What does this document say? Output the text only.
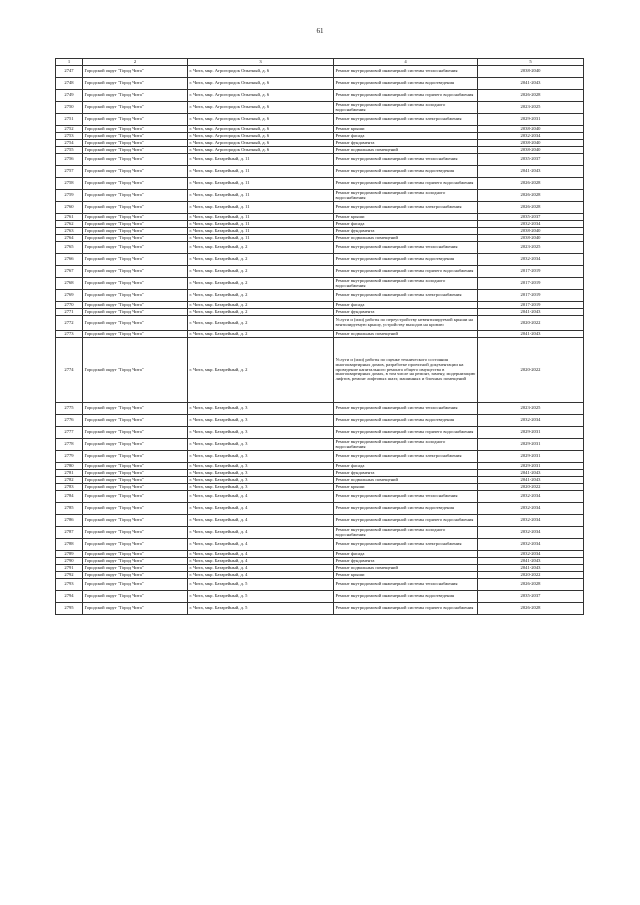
61
1	2	3	4	5
2747	Городской округ "Город Чита"	г. Чита, мкр. Агрогородок Опытный, д. 6	Ремонт внутридомовой инженерной системы теплоснабжения	2038-2040
2748	Городской округ "Город Чита"	г. Чита, мкр. Агрогородок Опытный, д. 6	Ремонт внутридомовой инженерной системы водоотведения	2041-2043
2749	Городской округ "Город Чита"	г. Чита, мкр. Агрогородок Опытный, д. 6	Ремонт внутридомовой инженерной системы горячего водоснабжения	2026-2028
2750	Городской округ "Город Чита"	г. Чита, мкр. Агрогородок Опытный, д. 6	Ремонт внутридомовой инженерной системы холодного водоснабжения	2023-2025
2751	Городской округ "Город Чита"	г. Чита, мкр. Агрогородок Опытный, д. 6	Ремонт внутридомовой инженерной системы электроснабжения	2029-2031
2752	Городской округ "Город Чита"	г. Чита, мкр. Агрогородок Опытный, д. 6	Ремонт крыши	2038-2040
2753	Городской округ "Город Чита"	г. Чита, мкр. Агрогородок Опытный, д. 6	Ремонт фасада	2032-2034
2754	Городской округ "Город Чита"	г. Чита, мкр. Агрогородок Опытный, д. 6	Ремонт фундамента	2038-2040
2755	Городской округ "Город Чита"	г. Чита, мкр. Агрогородок Опытный, д. 6	Ремонт подвальных помещений	2038-2040
2756	Городской округ "Город Чита"	г. Чита, мкр. Батарейный, д. 11	Ремонт внутридомовой инженерной системы теплоснабжения	2035-2037
2757	Городской округ "Город Чита"	г. Чита, мкр. Батарейный, д. 11	Ремонт внутридомовой инженерной системы водоотведения	2041-2043
2758	Городской округ "Город Чита"	г. Чита, мкр. Батарейный, д. 11	Ремонт внутридомовой инженерной системы горячего водоснабжения	2026-2028
2759	Городской округ "Город Чита"	г. Чита, мкр. Батарейный, д. 11	Ремонт внутридомовой инженерной системы холодного водоснабжения	2026-2028
2760	Городской округ "Город Чита"	г. Чита, мкр. Батарейный, д. 11	Ремонт внутридомовой инженерной системы электроснабжения	2026-2028
2761	Городской округ "Город Чита"	г. Чита, мкр. Батарейный, д. 11	Ремонт крыши	2035-2037
2762	Городской округ "Город Чита"	г. Чита, мкр. Батарейный, д. 11	Ремонт фасада	2032-2034
2763	Городской округ "Город Чита"	г. Чита, мкр. Батарейный, д. 11	Ремонт фундамента	2038-2040
2764	Городской округ "Город Чита"	г. Чита, мкр. Батарейный, д. 11	Ремонт подвальных помещений	2038-2040
2765	Городской округ "Город Чита"	г. Чита, мкр. Батарейный, д. 2	Ремонт внутридомовой инженерной системы теплоснабжения	2023-2025
2766	Городской округ "Город Чита"	г. Чита, мкр. Батарейный, д. 2	Ремонт внутридомовой инженерной системы водоотведения	2032-2034
2767	Городской округ "Город Чита"	г. Чита, мкр. Батарейный, д. 2	Ремонт внутридомовой инженерной системы горячего водоснабжения	2017-2019
2768	Городской округ "Город Чита"	г. Чита, мкр. Батарейный, д. 2	Ремонт внутридомовой инженерной системы холодного водоснабжения	2017-2019
2769	Городской округ "Город Чита"	г. Чита, мкр. Батарейный, д. 2	Ремонт внутридомовой инженерной системы электроснабжения	2017-2019
2770	Городской округ "Город Чита"	г. Чита, мкр. Батарейный, д. 2	Ремонт фасада	2017-2019
2771	Городской округ "Город Чита"	г. Чита, мкр. Батарейный, д. 2	Ремонт фундамента	2041-2043
2772	Городской округ "Город Чита"	г. Чита, мкр. Батарейный, д. 2	Услуги и (или) работы по переустройству невентилируемой крыши на вентилируемую крышу, устройству выходов на кровлю	2020-2022
2773	Городской округ "Город Чита"	г. Чита, мкр. Батарейный, д. 2	Ремонт подвальных помещений	2041-2043
2774	Городской округ "Город Чита"	г. Чита, мкр. Батарейный, д. 2	Услуги и (или) работы по оценке технического состояния многоквартирных домов, разработке проектной документации на проведение капитального ремонта общего имущества в многоквартирных домах, в том числе на ремонт, замену, модернизацию лифтов, ремонт лифтовых шахт, машинных и блочных помещений	2020-2022
2775	Городской округ "Город Чита"	г. Чита, мкр. Батарейный, д. 3	Ремонт внутридомовой инженерной системы теплоснабжения	2023-2025
2776	Городской округ "Город Чита"	г. Чита, мкр. Батарейный, д. 3	Ремонт внутридомовой инженерной системы водоотведения	2032-2034
2777	Городской округ "Город Чита"	г. Чита, мкр. Батарейный, д. 3	Ремонт внутридомовой инженерной системы горячего водоснабжения	2029-2031
2778	Городской округ "Город Чита"	г. Чита, мкр. Батарейный, д. 3	Ремонт внутридомовой инженерной системы холодного водоснабжения	2029-2031
2779	Городской округ "Город Чита"	г. Чита, мкр. Батарейный, д. 3	Ремонт внутридомовой инженерной системы электроснабжения	2029-2031
2780	Городской округ "Город Чита"	г. Чита, мкр. Батарейный, д. 3	Ремонт фасада	2029-2031
2781	Городской округ "Город Чита"	г. Чита, мкр. Батарейный, д. 3	Ремонт фундамента	2041-2043
2782	Городской округ "Город Чита"	г. Чита, мкр. Батарейный, д. 3	Ремонт подвальных помещений	2041-2043
2783	Городской округ "Город Чита"	г. Чита, мкр. Батарейный, д. 3	Ремонт крыши	2020-2022
2784	Городской округ "Город Чита"	г. Чита, мкр. Батарейный, д. 4	Ремонт внутридомовой инженерной системы теплоснабжения	2032-2034
2785	Городской округ "Город Чита"	г. Чита, мкр. Батарейный, д. 4	Ремонт внутридомовой инженерной системы водоотведения	2032-2034
2786	Городской округ "Город Чита"	г. Чита, мкр. Батарейный, д. 4	Ремонт внутридомовой инженерной системы горячего водоснабжения	2032-2034
2787	Городской округ "Город Чита"	г. Чита, мкр. Батарейный, д. 4	Ремонт внутридомовой инженерной системы холодного водоснабжения	2032-2034
2788	Городской округ "Город Чита"	г. Чита, мкр. Батарейный, д. 4	Ремонт внутридомовой инженерной системы электроснабжения	2032-2034
2789	Городской округ "Город Чита"	г. Чита, мкр. Батарейный, д. 4	Ремонт фасада	2032-2034
2790	Городской округ "Город Чита"	г. Чита, мкр. Батарейный, д. 4	Ремонт фундамента	2041-2043
2791	Городской округ "Город Чита"	г. Чита, мкр. Батарейный, д. 4	Ремонт подвальных помещений	2041-2043
2792	Городской округ "Город Чита"	г. Чита, мкр. Батарейный, д. 4	Ремонт крыши	2020-2022
2793	Городской округ "Город Чита"	г. Чита, мкр. Батарейный, д. 5	Ремонт внутридомовой инженерной системы теплоснабжения	2026-2028
2794	Городской округ "Город Чита"	г. Чита, мкр. Батарейный, д. 5	Ремонт внутридомовой инженерной системы водоотведения	2035-2037
2795	Городской округ "Город Чита"	г. Чита, мкр. Батарейный, д. 5	Ремонт внутридомовой инженерной системы горячего водоснабжения	2026-2028
